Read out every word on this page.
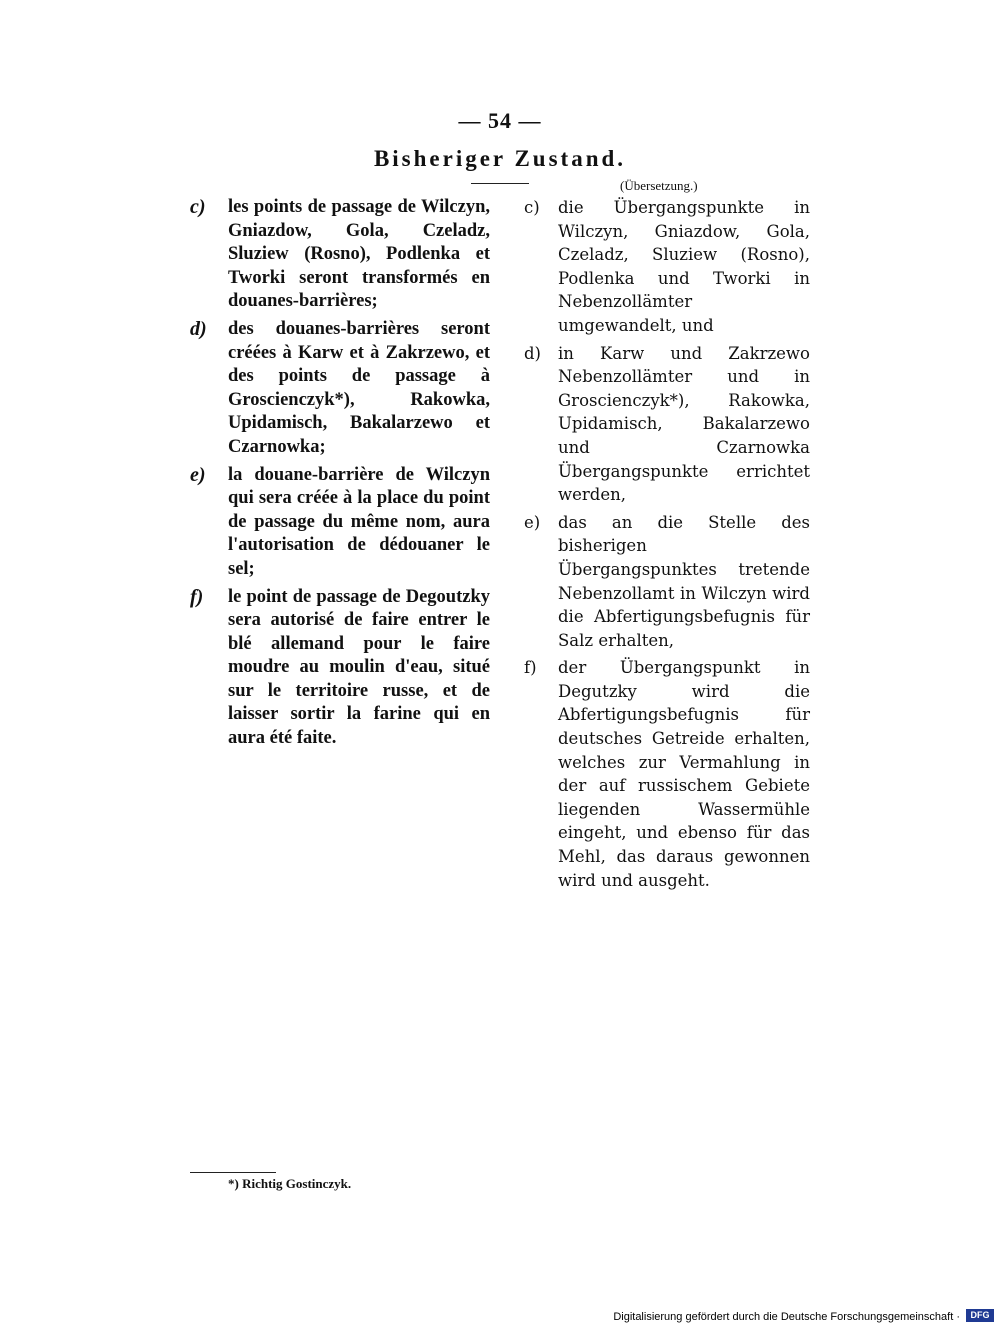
— 54 —
Bisheriger Zustand.
(Übersetzung.)
c)	les points de passage de Wilczyn, Gniazdow, Gola, Czeladz, Sluziew (Rosno), Podlenka et Tworki seront transformés en douanes-barrières;
d)	des douanes-barrières seront créées à Karw et à Zakrzewo, et des points de passage à Groscienczyk*), Rakowka, Upidamisch, Bakalarzewo et Czarnowka;
e)	la douane-barrière de Wilczyn qui sera créée à la place du point de passage du même nom, aura l'autorisation de dédouaner le sel;
f)	le point de passage de Degoutzky sera autorisé de faire entrer le blé allemand pour le faire moudre au moulin d'eau, situé sur le territoire russe, et de laisser sortir la farine qui en aura été faite.
c)	die Übergangspunkte in Wilczyn, Gniazdow, Gola, Czeladz, Sluziew (Rosno), Podlenka und Tworki in Nebenzollämter umgewandelt, und
d)	in Karw und Zakrzewo Nebenzollämter und in Groscienczyk*), Rakowka, Upidamisch, Bakalarzewo und Czarnowka Übergangspunkte errichtet werden,
e)	das an die Stelle des bisherigen Übergangspunktes tretende Nebenzollamt in Wilczyn wird die Abfertigungsbefugnis für Salz erhalten,
f)	der Übergangspunkt in Degutzky wird die Abfertigungsbefugnis für deutsches Getreide erhalten, welches zur Vermahlung in der auf russischem Gebiete liegenden Wassermühle eingeht, und ebenso für das Mehl, das daraus gewonnen wird und ausgeht.
*) Richtig Gostinczyk.
Digitalisierung gefördert durch die Deutsche Forschungsgemeinschaft ·	DFG
